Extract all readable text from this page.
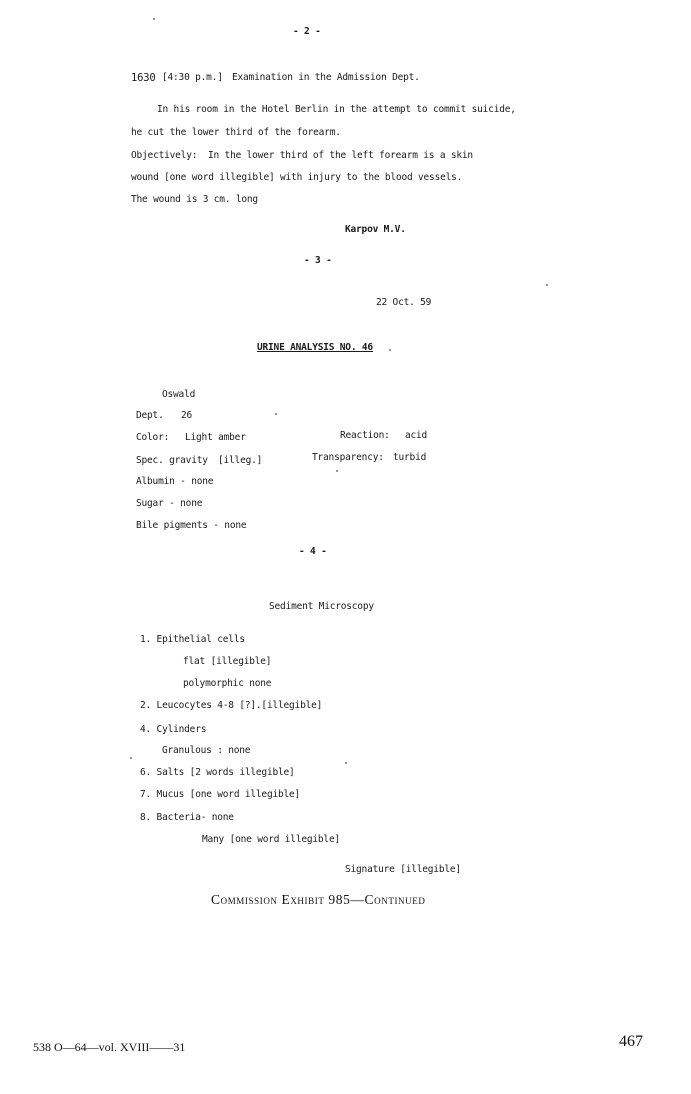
- 2 -
1630 [4:30 p.m.] Examination in the Admission Dept.
In his room in the Hotel Berlin in the attempt to commit suicide,
he cut the lower third of the forearm.
Objectively: In the lower third of the left forearm is a skin
wound [one word illegible] with injury to the blood vessels.
The wound is 3 cm. long
Karpov M.V.
- 3 -
22 Oct. 59
URINE ANALYSIS NO. 46
Oswald
Dept. 26
Color: Light amber	Reaction: acid
Spec. gravity [illeg.]	Transparency: turbid
Albumin - none
Sugar - none
Bile pigments - none
- 4 -
Sediment Microscopy
1. Epithelial cells
flat [illegible]
polymorphic none
2. Leucocytes 4-8 [?].[illegible]
4. Cylinders
Granulous : none
6. Salts [2 words illegible]
7. Mucus [one word illegible]
8. Bacteria- none
Many [one word illegible]
Signature [illegible]
Commission Exhibit 985—Continued
538 O—64—vol. XVIII——31	467
